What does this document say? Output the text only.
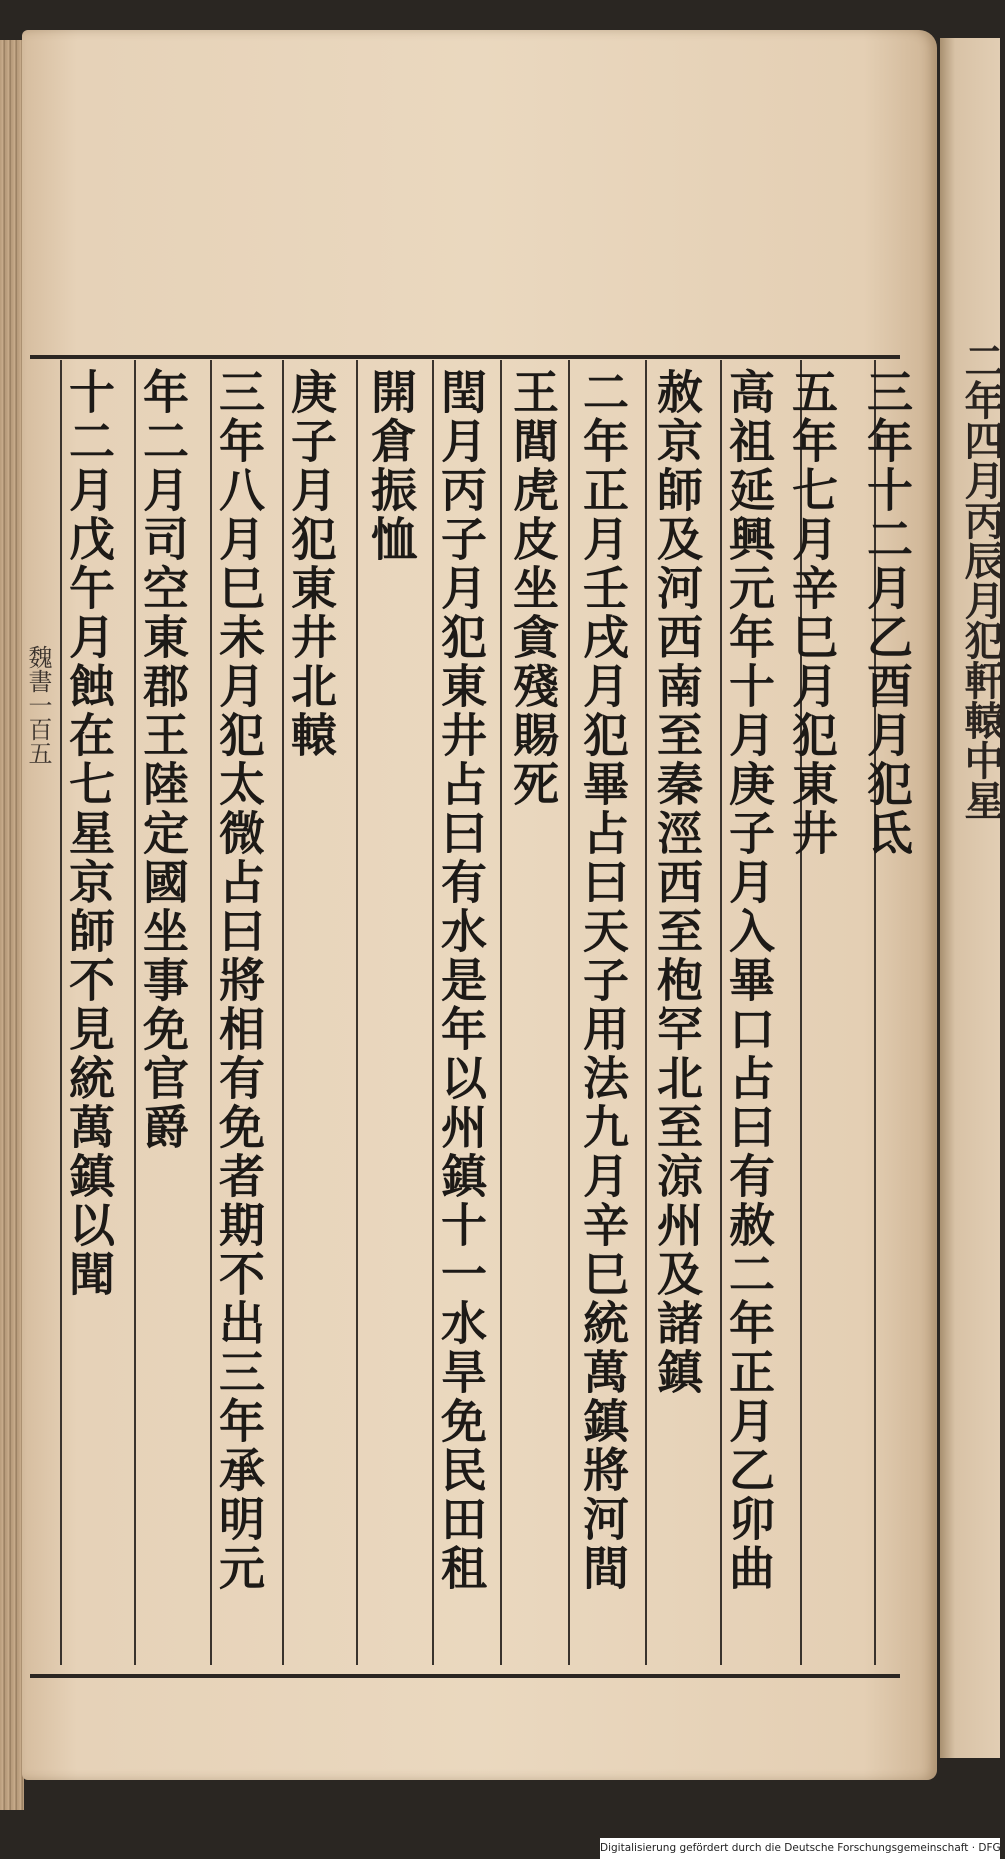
三年十二月乙酉月犯氐
五年七月辛巳月犯東井
高祖延興元年十月庚子月入畢口占曰有赦二年正月乙卯曲
赦京師及河西南至秦涇西至枹罕北至涼州及諸鎮
二年正月壬戌月犯畢占曰天子用法九月辛巳統萬鎮將河間
王閭虎皮坐貪殘賜死
閏月丙子月犯東井占曰有水是年以州鎮十一水旱免民田租
開倉振恤
庚子月犯東井北轅
三年八月巳未月犯太微占曰將相有免者期不出三年承明元
年二月司空東郡王陸定國坐事免官爵
十二月戊午月蝕在七星京師不見統萬鎮以聞
魏書一百五	二年四月丙辰月犯軒轅中星
Digitalisierung gefördert durch die Deutsche Forschungsgemeinschaft · DFG
